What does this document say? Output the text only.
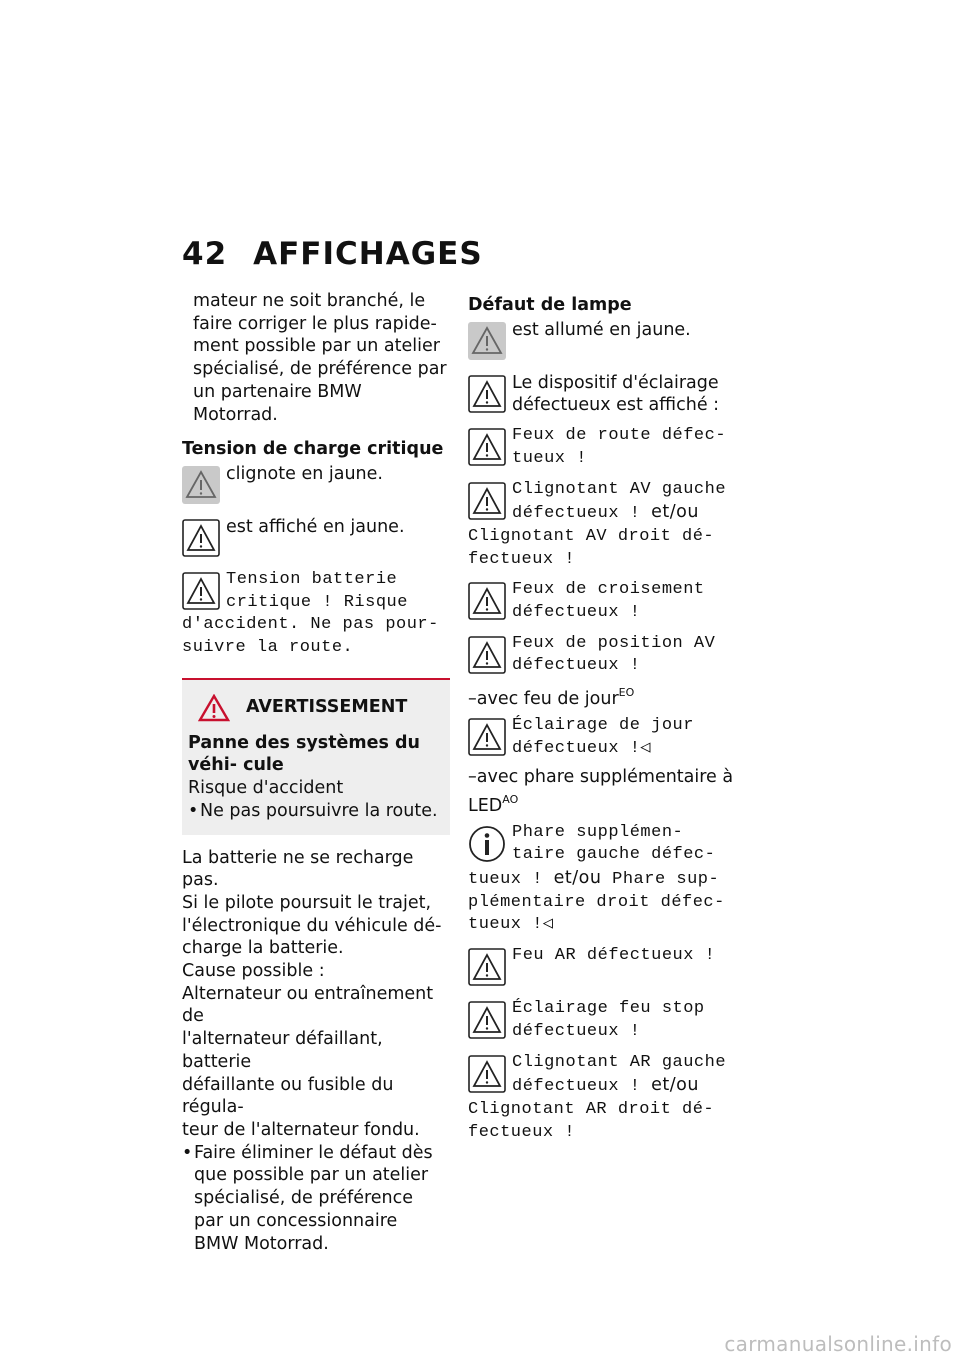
42 AFFICHAGES
mateur ne soit branché, le
faire corriger le plus rapide-
ment possible par un atelier
spécialisé, de préférence par
un partenaire BMW Motorrad.
Tension de charge critique
clignote en jaune.
est affiché en jaune.
Tension batterie
critique ! Risque
d'accident. Ne pas pour-
suivre la route.
AVERTISSEMENT
Panne des systèmes du véhi- cule
Risque d'accident
• Ne pas poursuivre la route.
La batterie ne se recharge pas.
Si le pilote poursuit le trajet,
l'électronique du véhicule dé-
charge la batterie.
Cause possible :
Alternateur ou entraînement de
l'alternateur défaillant, batterie
défaillante ou fusible du régula-
teur de l'alternateur fondu.
• Faire éliminer le défaut dès
que possible par un atelier
spécialisé, de préférence
par un concessionnaire
BMW Motorrad.
Défaut de lampe
est allumé en jaune.
Le dispositif d'éclairage défectueux est affiché :
Feux de route défec- tueux !
Clignotant AV gauche défectueux ! et/ou Clignotant AV droit dé- fectueux !
Feux de croisement défectueux !
Feux de position AV défectueux !
–avec feu de jour$^{EO}$
Éclairage de jour défectueux !◁
–avec phare supplémentaire à $LED^{AO}$
Phare supplémen- taire gauche défec- tueux ! et/ou Phare sup- plémentaire droit défec- tueux !◁
Feu AR défectueux !
Éclairage feu stop défectueux !
Clignotant AR gauche défectueux ! et/ou Clignotant AR droit dé- fectueux !
carmanualsonline.info
